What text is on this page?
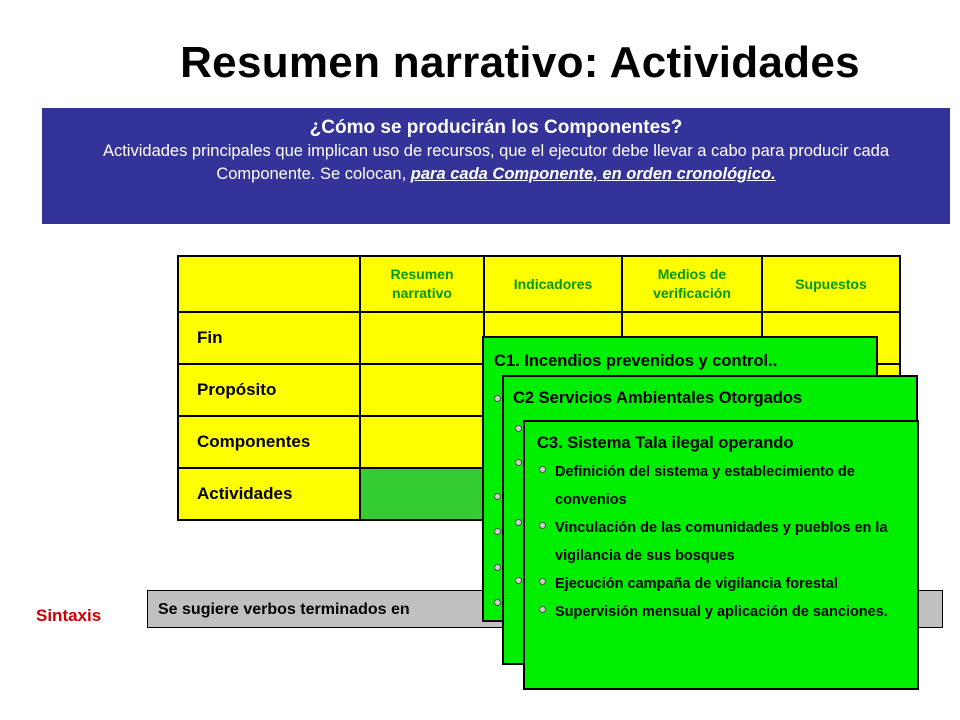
Resumen narrativo: Actividades
¿Cómo se producirán los Componentes?
Actividades principales que implican uso de recursos, que el ejecutor debe llevar a cabo para producir cada Componente. Se colocan, para cada Componente, en orden cronológico.
	Resumen narrativo	Indicadores	Medios de verificación	Supuestos
Fin				
Propósito				
Componentes				
Actividades				
Sintaxis	Se sugiere verbos terminados en
C1. Incendios prevenidos y control..
C2 Servicios Ambientales Otorgados
C3. Sistema Tala ilegal operando
Definición del sistema y establecimiento de convenios
Vinculación de las comunidades y pueblos en la vigilancia de sus bosques
Ejecución campaña de vigilancia forestal
Supervisión mensual y aplicación de sanciones.
